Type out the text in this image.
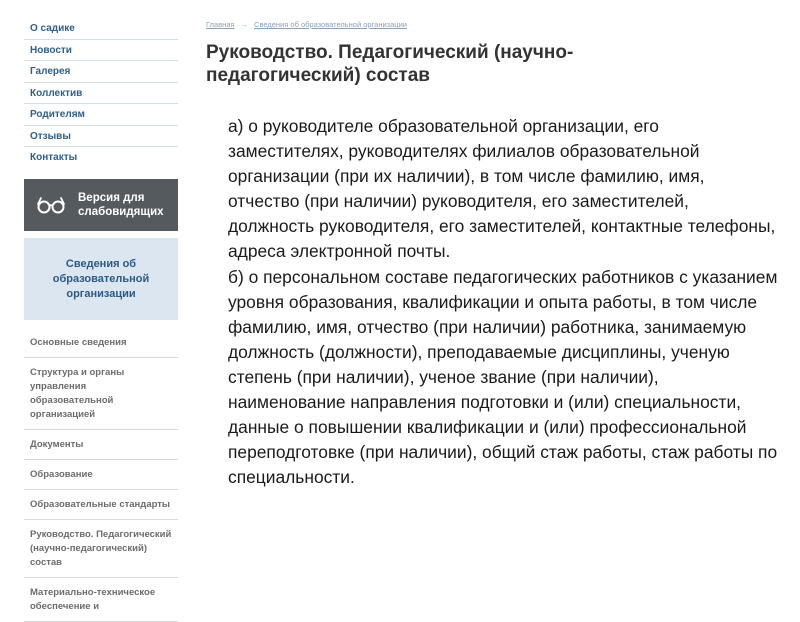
О садике
Новости
Галерея
Коллектив
Родителям
Отзывы
Контакты
Версия для слабовидящих
Сведения об образовательной организации
Основные сведения
Структура и органы управления образовательной организацией
Документы
Образование
Образовательные стандарты
Руководство. Педагогический (научно-педагогический) состав
Материально-техническое обеспечение и
Главная → Сведения об образовательной организации
Руководство. Педагогический (научно-педагогический) состав

а) о руководителе образовательной организации, его заместителях, руководителях филиалов образовательной организации (при их наличии), в том числе фамилию, имя, отчество (при наличии) руководителя, его заместителей, должность руководителя, его заместителей, контактные телефоны, адреса электронной почты.

б) о персональном составе педагогических работников с указанием уровня образования, квалификации и опыта работы, в том числе фамилию, имя, отчество (при наличии) работника, занимаемую должность (должности), преподаваемые дисциплины, ученую степень (при наличии), ученое звание (при наличии), наименование направления подготовки и (или) специальности, данные о повышении квалификации и (или) профессиональной переподготовке (при наличии), общий стаж работы, стаж работы по специальности.
